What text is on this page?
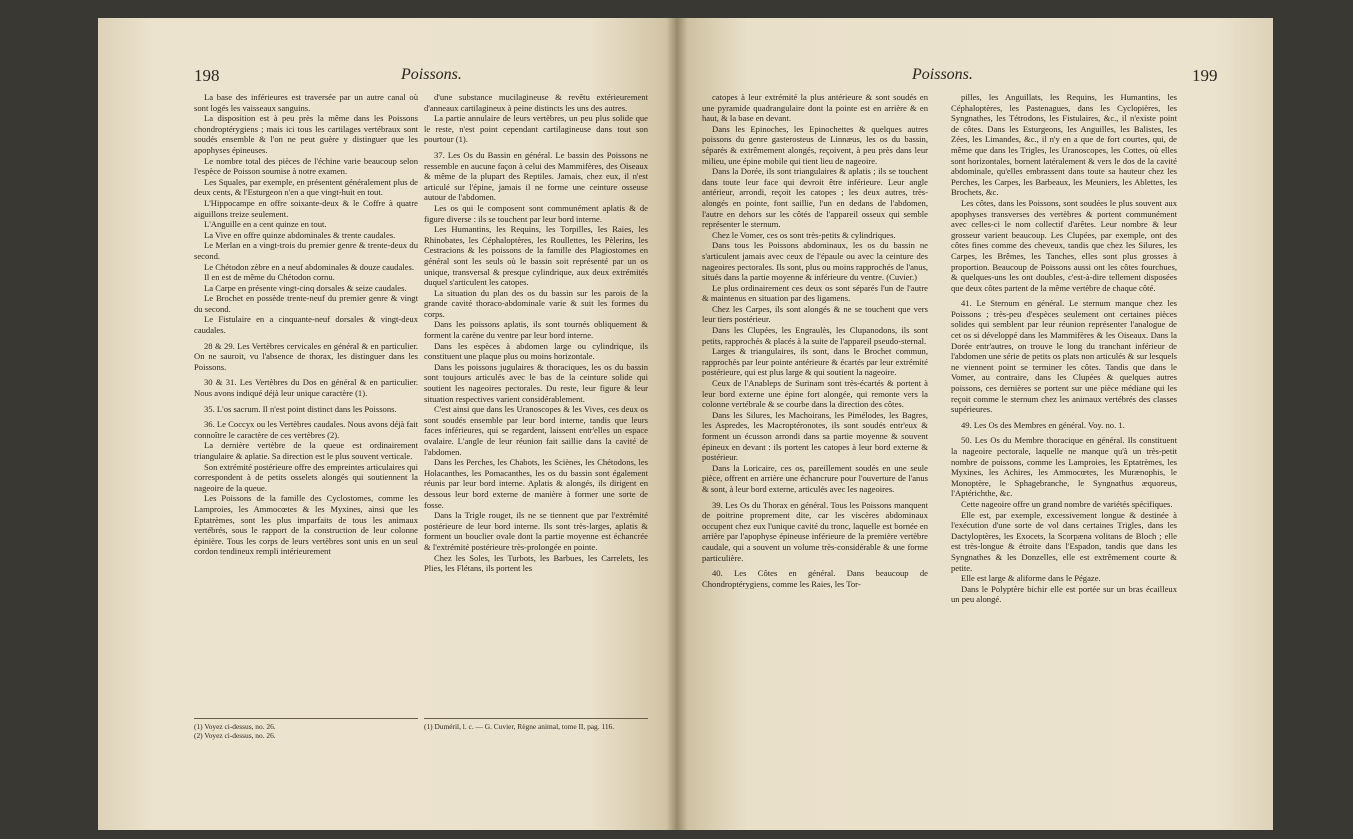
198	Poissons.

La base des inférieures est traversée par un autre canal où sont logés les vaisseaux sanguins.

La disposition est à peu près la même dans les Poissons chondroptérygiens ; mais ici tous les cartilages vertébraux sont soudés ensemble & l'on ne peut guère y distinguer que les apophyses épineuses.

Le nombre total des pièces de l'échine varie beaucoup selon l'espèce de Poisson soumise à notre examen.

Les Squales, par exemple, en présentent généralement plus de deux cents, & l'Esturgeon n'en a que vingt-huit en tout.

L'Hippocampe en offre soixante-deux & le Coffre à quatre aiguillons treize seulement.

L'Anguille en a cent quinze en tout.

La Vive en offre quinze abdominales & trente caudales.

Le Merlan en a vingt-trois du premier genre & trente-deux du second.

Le Chétodon zèbre en a neuf abdominales & douze caudales.

Il en est de même du Chétodon cornu.

La Carpe en présente vingt-cinq dorsales & seize caudales.

Le Brochet en possède trente-neuf du premier genre & vingt du second.

Le Fistulaire en a cinquante-neuf dorsales & vingt-deux caudales.

28 & 29. Les Vertèbres cervicales en général & en particulier. On ne sauroit, vu l'absence de thorax, les distinguer dans les Poissons.

30 & 31. Les Vertèbres du Dos en général & en particulier. Nous avons indiqué déjà leur unique caractère (1).

35. L'os sacrum. Il n'est point distinct dans les Poissons.

36. Le Coccyx ou les Vertèbres caudales. Nous avons déjà fait connoître le caractère de ces vertèbres (2).

La dernière vertèbre de la queue est ordinairement triangulaire & aplatie. Sa direction est le plus souvent verticale.

Son extrémité postérieure offre des empreintes articulaires qui correspondent à de petits osselets alongés qui soutiennent la nageoire de la queue.

Les Poissons de la famille des Cyclostomes, comme les Lamproies, les Ammocœtes & les Myxines, ainsi que les Eptatrèmes, sont les plus imparfaits de tous les animaux vertébrés, sous le rapport de la construction de leur colonne épinière. Tous les corps de leurs vertèbres sont unis en un seul cordon tendineux rempli intérieurement

(1) Voyez ci-dessus, no. 26.
(2) Voyez ci-dessus, no. 26.

d'une substance mucilagineuse & revêtu extérieurement d'anneaux cartilagineux à peine distincts les uns des autres.

La partie annulaire de leurs vertèbres, un peu plus solide que le reste, n'est point cependant cartilagineuse dans tout son pourtour (1).

37. Les Os du Bassin en général. Le bassin des Poissons ne ressemble en aucune façon à celui des Mammifères, des Oiseaux & même de la plupart des Reptiles. Jamais, chez eux, il n'est articulé sur l'épine, jamais il ne forme une ceinture osseuse autour de l'abdomen.

Les os qui le composent sont communément aplatis & de figure diverse : ils se touchent par leur bord interne.

Les Humantins, les Requins, les Torpilles, les Raies, les Rhinobates, les Céphaloptères, les Roullettes, les Pèlerins, les Cestracions & les poissons de la famille des Plagiostomes en général sont les seuls où le bassin soit représenté par un os unique, transversal & presque cylindrique, aux deux extrémités duquel s'articulent les catopes.

La situation du plan des os du bassin sur les parois de la grande cavité thoraco-abdominale varie & suit les formes du corps.

Dans les poissons aplatis, ils sont tournés obliquement & forment la carène du ventre par leur bord interne.

Dans les espèces à abdomen large ou cylindrique, ils constituent une plaque plus ou moins horizontale.

Dans les poissons jugulaires & thoraciques, les os du bassin sont toujours articulés avec le bas de la ceinture solide qui soutient les nageoires pectorales. Du reste, leur figure & leur situation respectives varient considérablement.

C'est ainsi que dans les Uranoscopes & les Vives, ces deux os sont soudés ensemble par leur bord interne, tandis que leurs faces inférieures, qui se regardent, laissent entr'elles un espace ovalaire. L'angle de leur réunion fait saillie dans la cavité de l'abdomen.

Dans les Perches, les Chabots, les Sciènes, les Chétodons, les Holacanthes, les Pomacanthes, les os du bassin sont également réunis par leur bord interne. Aplatis & alongés, ils dirigent en dessous leur bord externe de manière à former une sorte de fosse.

Dans la Trigle rouget, ils ne se tiennent que par l'extrémité postérieure de leur bord interne. Ils sont très-larges, aplatis & forment un bouclier ovale dont la partie moyenne est échancrée & l'extrémité postérieure très-prolongée en pointe.

Chez les Soles, les Turbots, les Barbues, les Carrelets, les Plies, les Flétans, ils portent les

(1) Duméril, l. c. — G. Cuvier, Règne animal, tome II, pag. 116.
Poissons.	199

catopes à leur extrémité la plus antérieure & sont soudés en une pyramide quadrangulaire dont la pointe est en arrière & en haut, & la base en devant.

Dans les Epinoches, les Epinochettes & quelques autres poissons du genre gasterosteus de Linnæus, les os du bassin, séparés & extrêmement alongés, reçoivent, à peu près dans leur milieu, une épine mobile qui tient lieu de nageoire.

Dans la Dorée, ils sont triangulaires & aplatis ; ils se touchent dans toute leur face qui devroit être inférieure. Leur angle antérieur, arrondi, reçoit les catopes ; les deux autres, très-alongés en pointe, font saillie, l'un en dedans de l'abdomen, l'autre en dehors sur les côtés de l'appareil osseux qui semble représenter le sternum.

Chez le Vomer, ces os sont très-petits & cylindriques.

Dans tous les Poissons abdominaux, les os du bassin ne s'articulent jamais avec ceux de l'épaule ou avec la ceinture des nageoires pectorales. Ils sont, plus ou moins rapprochés de l'anus, situés dans la partie moyenne & inférieure du ventre. (Cuvier.)

Le plus ordinairement ces deux os sont séparés l'un de l'autre & maintenus en situation par des ligamens.

Chez les Carpes, ils sont alongés & ne se touchent que vers leur tiers postérieur.

Dans les Clupées, les Engraulès, les Clupanodons, ils sont petits, rapprochés & placés à la suite de l'appareil pseudo-sternal.

Larges & triangulaires, ils sont, dans le Brochet commun, rapprochés par leur pointe antérieure & écartés par leur extrémité postérieure, qui est plus large & qui soutient la nageoire.

Ceux de l'Anableps de Surinam sont très-écartés & portent à leur bord externe une épine fort alongée, qui remonte vers la colonne vertébrale & se courbe dans la direction des côtes.

Dans les Silures, les Machoirans, les Pimélodes, les Bagres, les Aspredes, les Macroptéronotes, ils sont soudés entr'eux & forment un écusson arrondi dans sa partie moyenne & souvent épineux en devant : ils portent les catopes à leur bord externe & postérieur.

Dans la Loricaire, ces os, pareillement soudés en une seule pièce, offrent en arrière une échancrure pour l'ouverture de l'anus & sont, à leur bord externe, articulés avec les nageoires.

39. Les Os du Thorax en général. Tous les Poissons manquent de poitrine proprement dite, car les viscères abdominaux occupent chez eux l'unique cavité du tronc, laquelle est bornée en arrière par l'apophyse épineuse inférieure de la première vertèbre caudale, qui a souvent un volume très-considérable & une forme particulière.

40. Les Côtes en général. Dans beaucoup de Chondroptérygiens, comme les Raies, les Tor-

pilles, les Anguillats, les Requins, les Humantins, les Céphaloptères, les Pastenagues, dans les Cyclopières, les Syngnathes, les Tétrodons, les Fistulaires, &c., il n'existe point de côtes. Dans les Esturgeons, les Anguilles, les Balistes, les Zées, les Limandes, &c., il n'y en a que de fort courtes, qui, de même que dans les Trigles, les Uranoscopes, les Cottes, où elles sont horizontales, bornent latéralement & vers le dos de la cavité abdominale, qu'elles embrassent dans toute sa hauteur chez les Perches, les Carpes, les Barbeaux, les Meuniers, les Ablettes, les Brochets, &c.

Les côtes, dans les Poissons, sont soudées le plus souvent aux apophyses transverses des vertèbres & portent communément avec celles-ci le nom collectif d'arêtes. Leur nombre & leur grosseur varient beaucoup. Les Clupées, par exemple, ont des côtes fines comme des cheveux, tandis que chez les Silures, les Carpes, les Brêmes, les Tanches, elles sont plus grosses à proportion. Beaucoup de Poissons aussi ont les côtes fourchues, & quelques-uns les ont doubles, c'est-à-dire tellement disposées que deux côtes partent de la même vertèbre de chaque côté.

41. Le Sternum en général. Le sternum manque chez les Poissons ; très-peu d'espèces seulement ont certaines pièces solides qui semblent par leur réunion représenter l'analogue de cet os si développé dans les Mammifères & les Oiseaux. Dans la Dorée entr'autres, on trouve le long du tranchant inférieur de l'abdomen une série de petits os plats non articulés & sur lesquels ne viennent point se terminer les côtes. Tandis que dans le Vomer, au contraire, dans les Clupées & quelques autres poissons, ces dernières se portent sur une pièce médiane qui les reçoit comme le sternum chez les animaux vertébrés des classes supérieures.

49. Les Os des Membres en général. Voy. no. 1.

50. Les Os du Membre thoracique en général. Ils constituent la nageoire pectorale, laquelle ne manque qu'à un très-petit nombre de poissons, comme les Lamproies, les Eptatrèmes, les Myxines, les Achires, les Ammocœtes, les Murænophis, le Monoptère, le Sphagebranche, le Syngnathus æquoreus, l'Aptérichthe, &c.

Cette nageoire offre un grand nombre de variétés spécifiques.

Elle est, par exemple, excessivement longue & destinée à l'exécution d'une sorte de vol dans certaines Trigles, dans les Dactyloptères, les Exocets, la Scorpæna volitans de Bloch ; elle est très-longue & étroite dans l'Espadon, tandis que dans les Syngnathes & les Donzelles, elle est extrêmement courte & petite.

Elle est large & aliforme dans le Pégaze.

Dans le Polyptère bichir elle est portée sur un bras écailleux un peu alongé.
